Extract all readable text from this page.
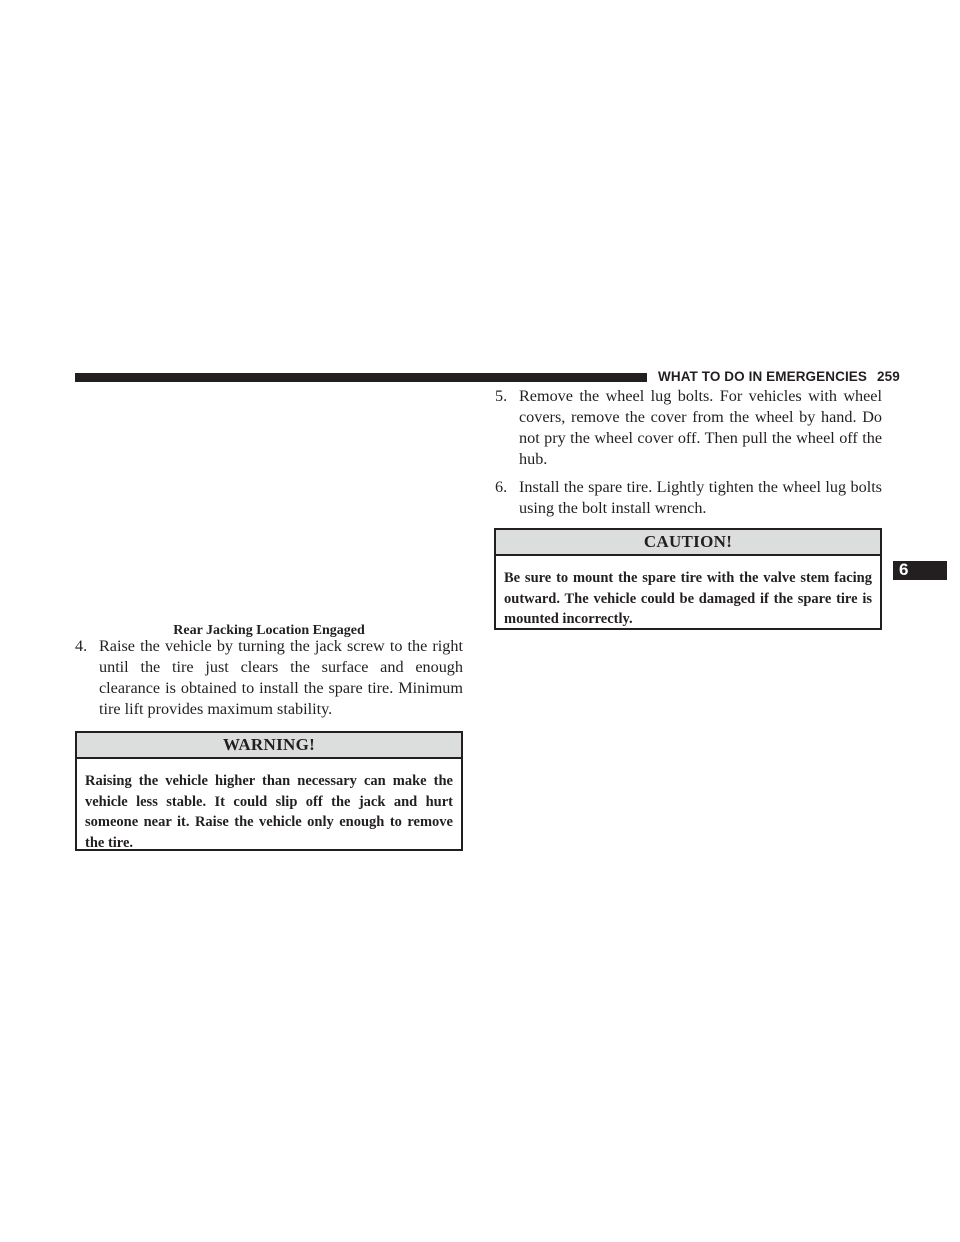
WHAT TO DO IN EMERGENCIES 259
Rear Jacking Location Engaged
4. Raise the vehicle by turning the jack screw to the right until the tire just clears the surface and enough clearance is obtained to install the spare tire. Minimum tire lift provides maximum stability.
WARNING!
Raising the vehicle higher than necessary can make the vehicle less stable. It could slip off the jack and hurt someone near it. Raise the vehicle only enough to remove the tire.
5. Remove the wheel lug bolts. For vehicles with wheel covers, remove the cover from the wheel by hand. Do not pry the wheel cover off. Then pull the wheel off the hub.
6. Install the spare tire. Lightly tighten the wheel lug bolts using the bolt install wrench.
CAUTION!
Be sure to mount the spare tire with the valve stem facing outward. The vehicle could be damaged if the spare tire is mounted incorrectly.
6
